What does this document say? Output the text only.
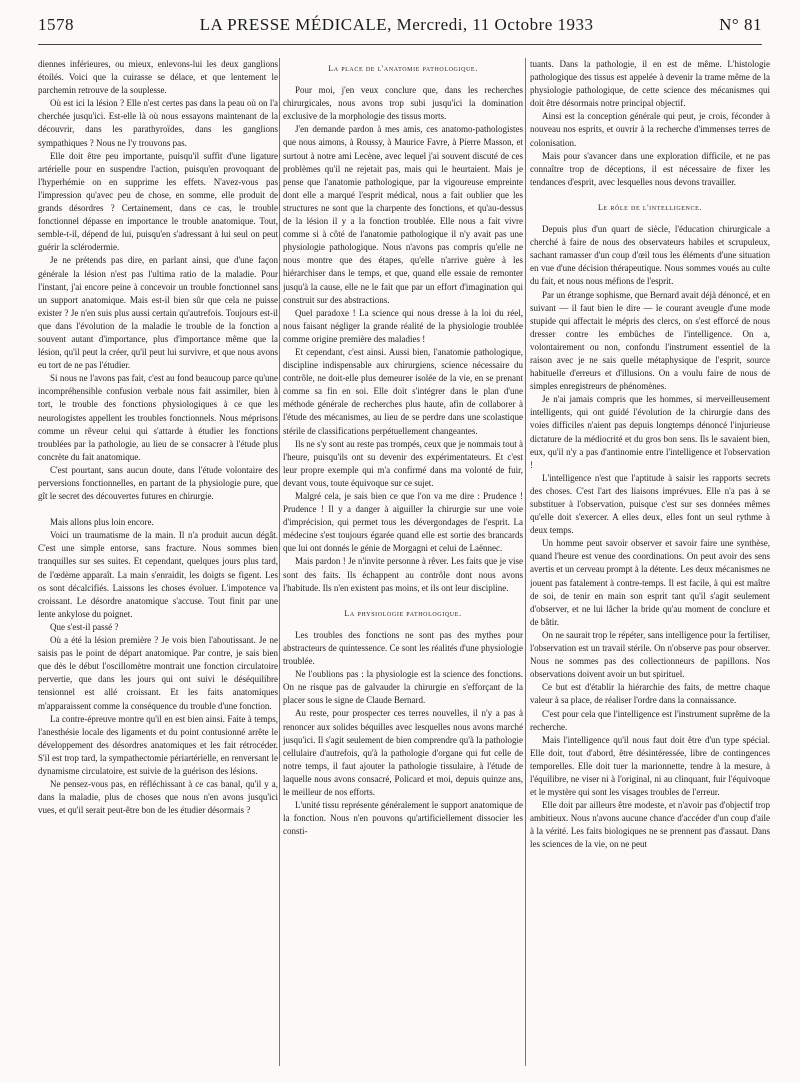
1578	LA PRESSE MÉDICALE, Mercredi, 11 Octobre 1933	N° 81

diennes inférieures, ou mieux, enlevons-lui les deux ganglions étoilés. Voici que la cuirasse se délace, et que lentement le parchemin retrouve de la souplesse.

Où est ici la lésion ? Elle n'est certes pas dans la peau où on l'a cherchée jusqu'ici. Est-elle là où nous essayons maintenant de la découvrir, dans les parathyroïdes, dans les ganglions sympathiques ? Nous ne l'y trouvons pas.

Elle doit être peu importante, puisqu'il suffit d'une ligature artérielle pour en suspendre l'action, puisqu'en provoquant de l'hyperhémie on en supprime les effets. N'avez-vous pas l'impression qu'avec peu de chose, en somme, elle produit de grands désordres ? Certainement, dans ce cas, le trouble fonctionnel dépasse en importance le trouble anatomique. Tout, semble-t-il, dépend de lui, puisqu'en s'adressant à lui seul on peut guérir la sclérodermie.

Je ne prétends pas dire, en parlant ainsi, que d'une façon générale la lésion n'est pas l'ultima ratio de la maladie. Pour l'instant, j'ai encore peine à concevoir un trouble fonctionnel sans un support anatomique. Mais est-il bien sûr que cela ne puisse exister ? Je n'en suis plus aussi certain qu'autrefois. Toujours est-il que dans l'évolution de la maladie le trouble de la fonction a souvent autant d'importance, plus d'importance même que la lésion, qu'il peut la créer, qu'il peut lui survivre, et que nous avons eu tort de ne pas l'étudier.

Si nous ne l'avons pas fait, c'est au fond beaucoup parce qu'une incompréhensible confusion verbale nous fait assimiler, bien à tort, le trouble des fonctions physiologiques à ce que les neurologistes appellent les troubles fonctionnels. Nous méprisons comme un rêveur celui qui s'attarde à étudier les fonctions troublées par la pathologie, au lieu de se consacrer à l'étude plus concrète du fait anatomique.

C'est pourtant, sans aucun doute, dans l'étude volontaire des perversions fonctionnelles, en partant de la physiologie pure, que gît le secret des découvertes futures en chirurgie.

Mais allons plus loin encore.

Voici un traumatisme de la main. Il n'a produit aucun dégât. C'est une simple entorse, sans fracture. Nous sommes bien tranquilles sur ses suites. Et cependant, quelques jours plus tard, de l'œdème apparaît. La main s'enraidit, les doigts se figent. Les os sont décalcifiés. Laissons les choses évoluer. L'impotence va croissant. Le désordre anatomique s'accuse. Tout finit par une lente ankylose du poignet.

Que s'est-il passé ?

Où a été la lésion première ? Je vois bien l'aboutissant. Je ne saisis pas le point de départ anatomique. Par contre, je sais bien que dès le début l'oscillomètre montrait une fonction circulatoire pervertie, que dans les jours qui ont suivi le déséquilibre tensionnel est allé croissant. Et les faits anatomiques m'apparaissent comme la conséquence du trouble d'une fonction.

La contre-épreuve montre qu'il en est bien ainsi. Faite à temps, l'anesthésie locale des ligaments et du point contusionné arrête le développement des désordres anatomiques et les fait rétrocéder. S'il est trop tard, la sympathectomie périartérielle, en renversant le dynamisme circulatoire, est suivie de la guérison des lésions.

Ne pensez-vous pas, en réfléchissant à ce cas banal, qu'il y a, dans la maladie, plus de choses que nous n'en avons jusqu'ici vues, et qu'il serait peut-être bon de les étudier désormais ?

La place de l'anatomie pathologique.

Pour moi, j'en veux conclure que, dans les recherches chirurgicales, nous avons trop subi jusqu'ici la domination exclusive de la morphologie des tissus morts.

J'en demande pardon à mes amis, ces anatomo-pathologistes que nous aimons, à Roussy, à Maurice Favre, à Pierre Masson, et surtout à notre ami Lecène, avec lequel j'ai souvent discuté de ces problèmes qu'il ne rejetait pas, mais qui le heurtaient. Mais je pense que l'anatomie pathologique, par la vigoureuse empreinte dont elle a marqué l'esprit médical, nous a fait oublier que les structures ne sont que la charpente des fonctions, et qu'au-dessus de la lésion il y a la fonction troublée. Elle nous a fait vivre comme si à côté de l'anatomie pathologique il n'y avait pas une physiologie pathologique. Nous n'avons pas compris qu'elle ne nous montre que des étapes, qu'elle n'arrive guère à les hiérarchiser dans le temps, et que, quand elle essaie de remonter jusqu'à la cause, elle ne le fait que par un effort d'imagination qui construit sur des abstractions.

Quel paradoxe ! La science qui nous dresse à la loi du réel, nous faisant négliger la grande réalité de la physiologie troublée comme origine première des maladies !

Et cependant, c'est ainsi. Aussi bien, l'anatomie pathologique, discipline indispensable aux chirurgiens, science nécessaire du contrôle, ne doit-elle plus demeurer isolée de la vie, en se prenant comme sa fin en soi. Elle doit s'intégrer dans le plan d'une méthode générale de recherches plus haute, afin de collaborer à l'étude des mécanismes, au lieu de se perdre dans une scolastique stérile de classifications perpétuellement changeantes.

Ils ne s'y sont au reste pas trompés, ceux que je nommais tout à l'heure, puisqu'ils ont su devenir des expérimentateurs. Et c'est leur propre exemple qui m'a confirmé dans ma volonté de fuir, devant vous, toute équivoque sur ce sujet.

Malgré cela, je sais bien ce que l'on va me dire : Prudence ! Prudence ! Il y a danger à aiguiller la chirurgie sur une voie d'imprécision, qui permet tous les dévergondages de l'esprit. La médecine s'est toujours égarée quand elle est sortie des brancards que lui ont donnés le génie de Morgagni et celui de Laënnec.

Mais pardon ! Je n'invite personne à rêver. Les faits que je vise sont des faits. Ils échappent au contrôle dont nous avons l'habitude. Ils n'en existent pas moins, et ils ont leur discipline.

La physiologie pathologique.

Les troubles des fonctions ne sont pas des mythes pour abstracteurs de quintessence. Ce sont les réalités d'une physiologie troublée.

Ne l'oublions pas : la physiologie est la science des fonctions. On ne risque pas de galvauder la chirurgie en s'efforçant de la placer sous le signe de Claude Bernard.

Au reste, pour prospecter ces terres nouvelles, il n'y a pas à renoncer aux solides béquilles avec lesquelles nous avons marché jusqu'ici. Il s'agit seulement de bien comprendre qu'à la pathologie cellulaire d'autrefois, qu'à la pathologie d'organe qui fut celle de notre temps, il faut ajouter la pathologie tissulaire, à l'étude de laquelle nous avons consacré, Policard et moi, depuis quinze ans, le meilleur de nos efforts.

L'unité tissu représente généralement le support anatomique de la fonction. Nous n'en pouvons qu'artificiellement dissocier les consti-

tuants. Dans la pathologie, il en est de même. L'histologie pathologique des tissus est appelée à devenir la trame même de la physiologie pathologique, de cette science des mécanismes qui doit être désormais notre principal objectif.

Ainsi est la conception générale qui peut, je crois, féconder à nouveau nos esprits, et ouvrir à la recherche d'immenses terres de colonisation.

Mais pour s'avancer dans une exploration difficile, et ne pas connaître trop de déceptions, il est nécessaire de fixer les tendances d'esprit, avec lesquelles nous devons travailler.

Le rôle de l'intelligence.

Depuis plus d'un quart de siècle, l'éducation chirurgicale a cherché à faire de nous des observateurs habiles et scrupuleux, sachant ramasser d'un coup d'œil tous les éléments d'une situation en vue d'une décision thérapeutique. Nous sommes voués au culte du fait, et nous nous méfions de l'esprit.

Par un étrange sophisme, que Bernard avait déjà dénoncé, et en suivant — il faut bien le dire — le courant aveugle d'une mode stupide qui affectait le mépris des clercs, on s'est efforcé de nous dresser contre les embûches de l'intelligence. On a, volontairement ou non, confondu l'instrument essentiel de la raison avec je ne sais quelle métaphysique de l'esprit, source habituelle d'erreurs et d'illusions. On a voulu faire de nous de simples enregistreurs de phénomènes.

Je n'ai jamais compris que les hommes, si merveilleusement intelligents, qui ont guidé l'évolution de la chirurgie dans des voies difficiles n'aient pas depuis longtemps dénoncé l'injurieuse dictature de la médiocrité et du gros bon sens. Ils le savaient bien, eux, qu'il n'y a pas d'antinomie entre l'intelligence et l'observation !

L'intelligence n'est que l'aptitude à saisir les rapports secrets des choses. C'est l'art des liaisons imprévues. Elle n'a pas à se substituer à l'observation, puisque c'est sur ses données mêmes qu'elle doit s'exercer. A elles deux, elles font un seul rythme à deux temps.

Un homme peut savoir observer et savoir faire une synthèse, quand l'heure est venue des coordinations. On peut avoir des sens avertis et un cerveau prompt à la détente. Les deux mécanismes ne jouent pas fatalement à contre-temps. Il est facile, à qui est maître de soi, de tenir en main son esprit tant qu'il s'agit seulement d'observer, et ne lui lâcher la bride qu'au moment de conclure et de bâtir.

On ne saurait trop le répéter, sans intelligence pour la fertiliser, l'observation est un travail stérile. On n'observe pas pour observer. Nous ne sommes pas des collectionneurs de papillons. Nos observations doivent avoir un but spirituel.

Ce but est d'établir la hiérarchie des faits, de mettre chaque valeur à sa place, de réaliser l'ordre dans la connaissance.

C'est pour cela que l'intelligence est l'instrument suprême de la recherche.

Mais l'intelligence qu'il nous faut doit être d'un type spécial. Elle doit, tout d'abord, être désintéressée, libre de contingences temporelles. Elle doit tuer la marionnette, tendre à la mesure, à l'équilibre, ne viser ni à l'original, ni au clinquant, fuir l'équivoque et le mystère qui sont les visages troubles de l'erreur.

Elle doit par ailleurs être modeste, et n'avoir pas d'objectif trop ambitieux. Nous n'avons aucune chance d'accéder d'un coup d'aile à la vérité. Les faits biologiques ne se prennent pas d'assaut. Dans les sciences de la vie, on ne peut
